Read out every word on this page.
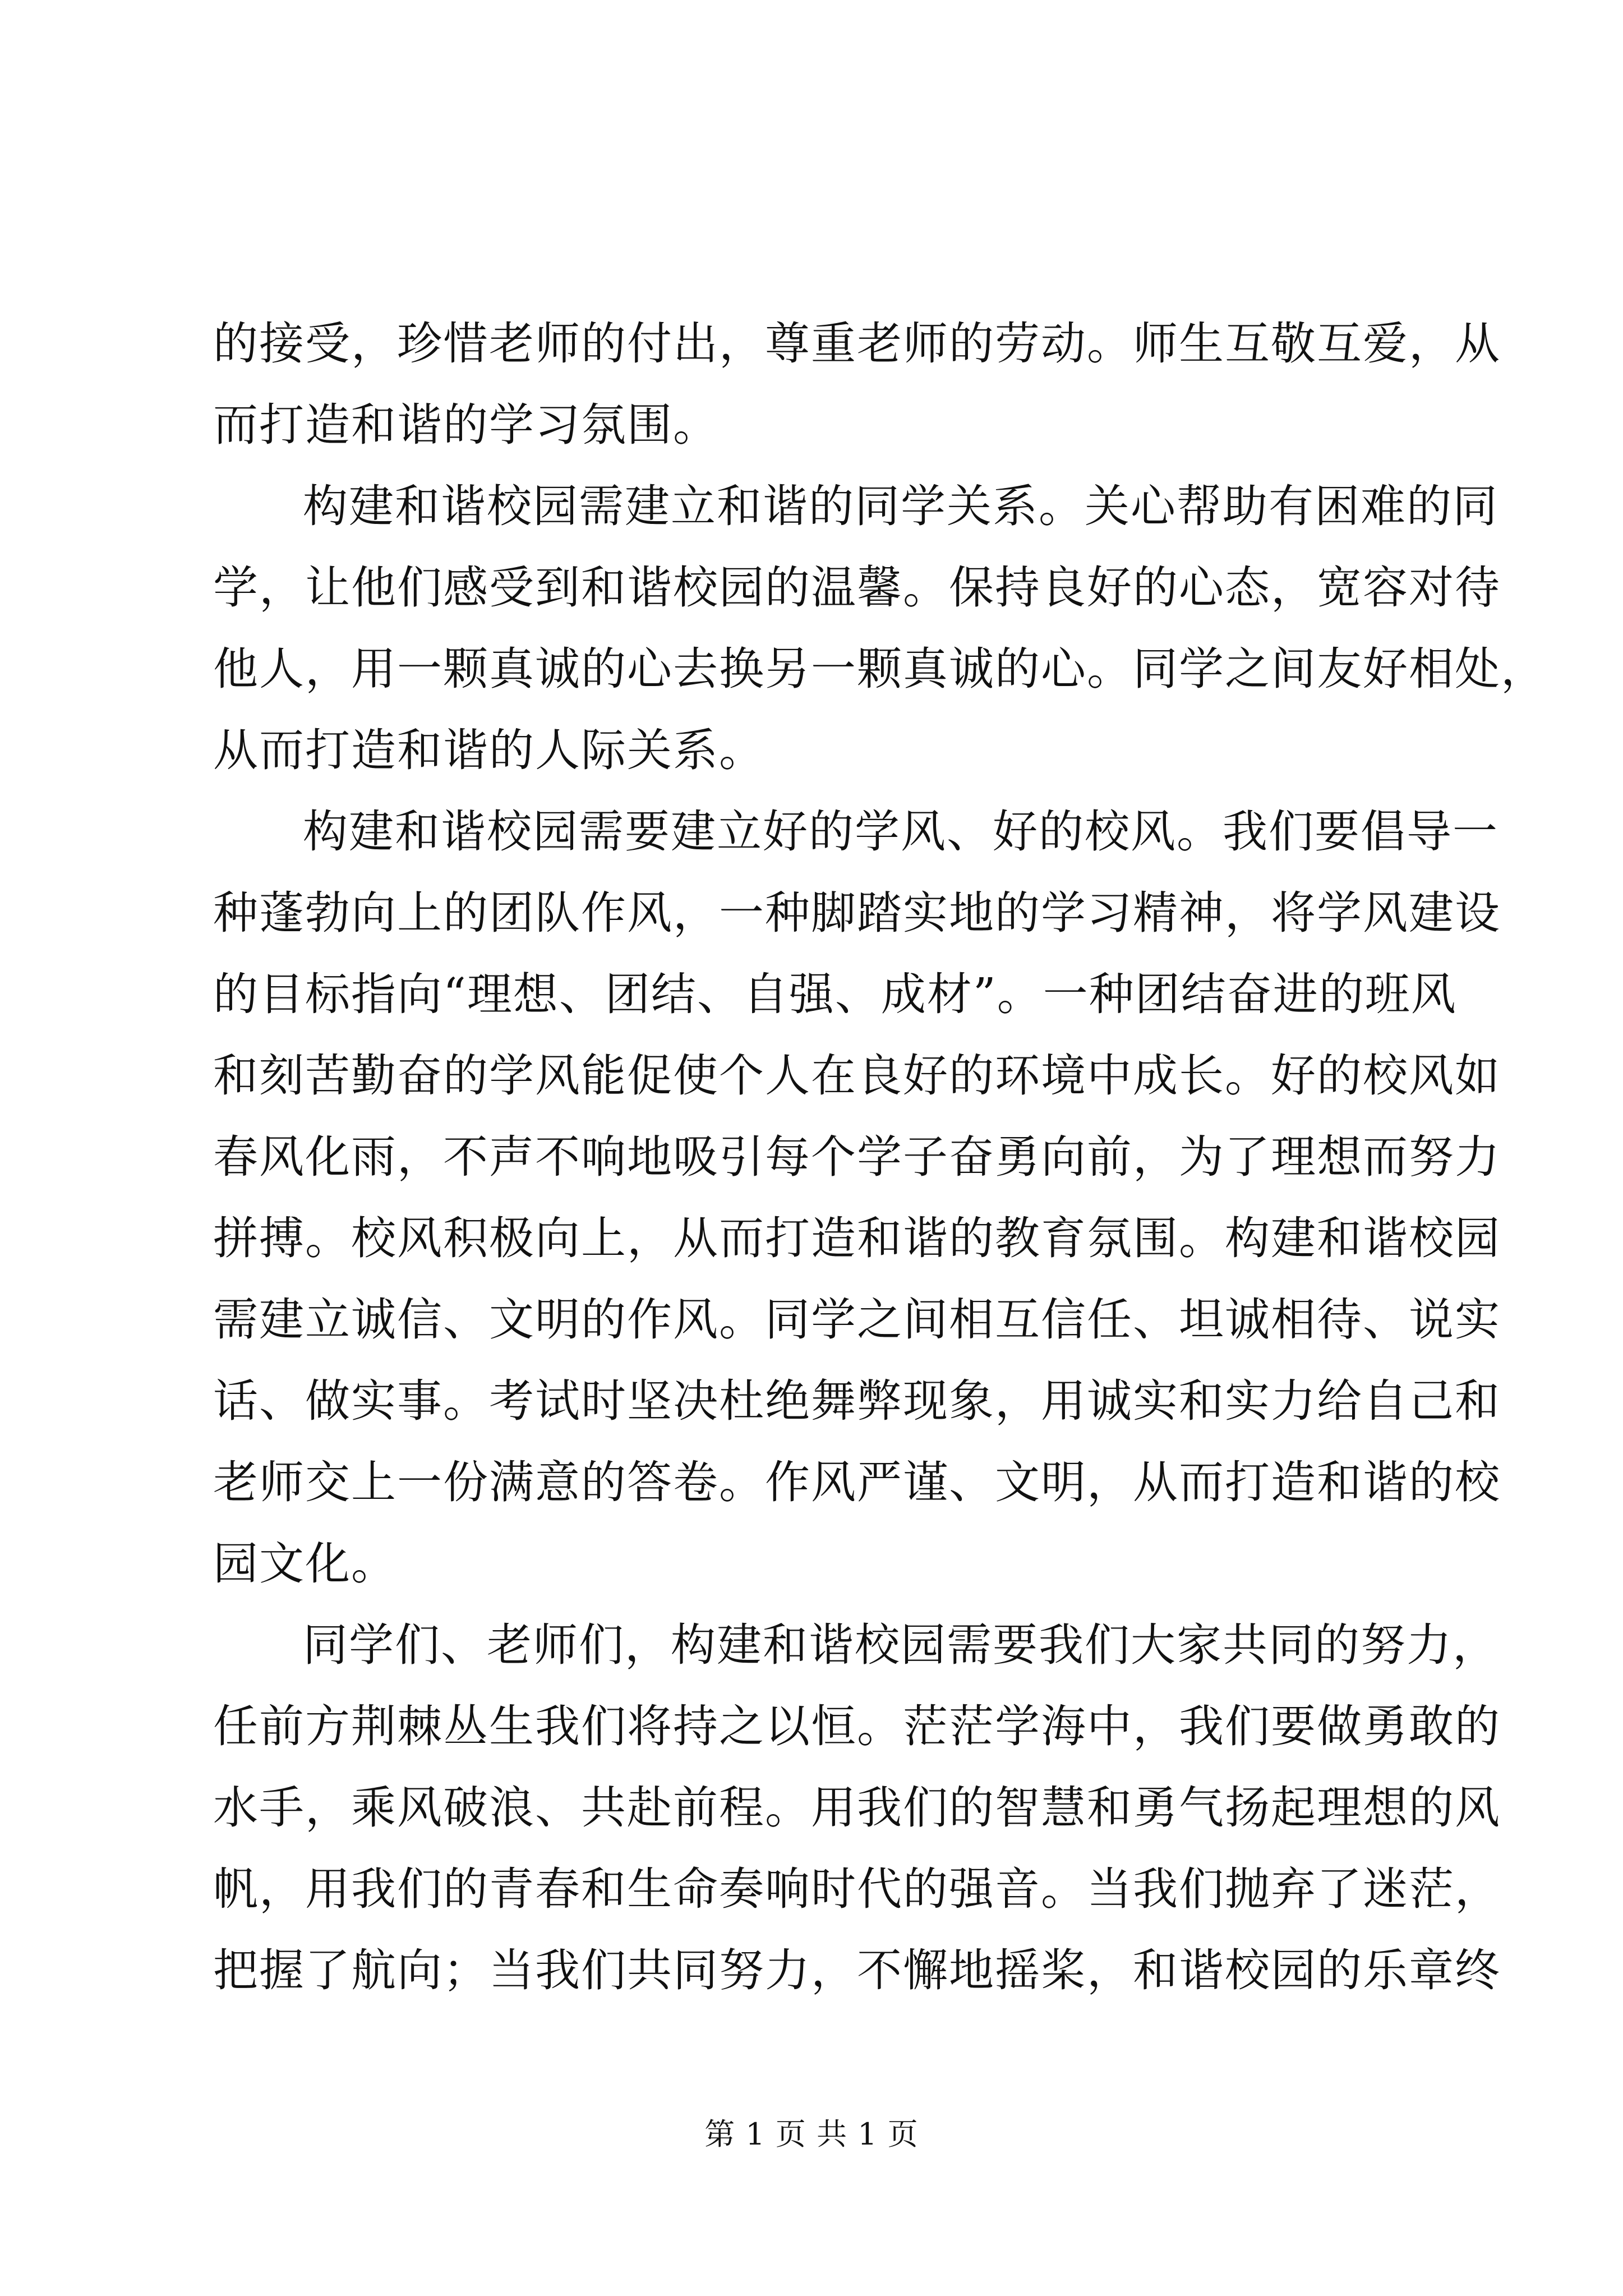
的接受，珍惜老师的付出，尊重老师的劳动。师生互敬互爱，从
而打造和谐的学习氛围。
构建和谐校园需建立和谐的同学关系。关心帮助有困难的同
学，让他们感受到和谐校园的温馨。保持良好的心态，宽容对待
他人，用一颗真诚的心去换另一颗真诚的心。同学之间友好相处，
从而打造和谐的人际关系。
构建和谐校园需要建立好的学风、好的校风。我们要倡导一
种蓬勃向上的团队作风，一种脚踏实地的学习精神，将学风建设
的目标指向“理想、团结、自强、成材”。一种团结奋进的班风
和刻苦勤奋的学风能促使个人在良好的环境中成长。好的校风如
春风化雨，不声不响地吸引每个学子奋勇向前，为了理想而努力
拼搏。校风积极向上，从而打造和谐的教育氛围。构建和谐校园
需建立诚信、文明的作风。同学之间相互信任、坦诚相待、说实
话、做实事。考试时坚决杜绝舞弊现象，用诚实和实力给自己和
老师交上一份满意的答卷。作风严谨、文明，从而打造和谐的校
园文化。
同学们、老师们，构建和谐校园需要我们大家共同的努力，
任前方荆棘丛生我们将持之以恒。茫茫学海中，我们要做勇敢的
水手，乘风破浪、共赴前程。用我们的智慧和勇气扬起理想的风
帆，用我们的青春和生命奏响时代的强音。当我们抛弃了迷茫，
把握了航向；当我们共同努力，不懈地摇桨，和谐校园的乐章终
第 1 页 共 1 页
